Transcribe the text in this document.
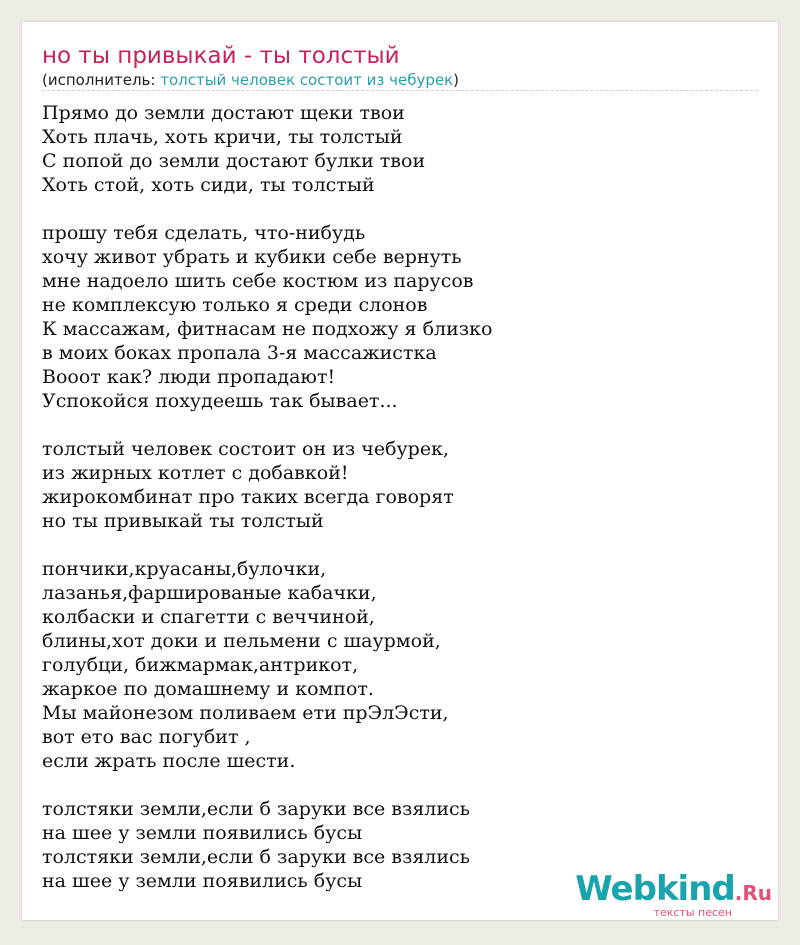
но ты привыкай - ты толстый
(исполнитель: толстый человек состоит из чебурек)
Прямо до земли достают щеки твои
Хоть плачь, хоть кричи, ты толстый
С попой до земли достают булки твои
Хоть стой, хоть сиди, ты толстый
прошу тебя сделать, что-нибудь
хочу живот убрать и кубики себе вернуть
мне надоело шить себе костюм из парусов
не комплексую только я среди слонов
К массажам, фитнасам не подхожу я близко
в моих боках пропала 3-я массажистка
Вооот как? люди пропадают!
Успокойся похудеешь так бывает...
толстый человек состоит он из чебурек,
из жирных котлет с добавкой!
жирокомбинат про таких всегда говорят
но ты привыкай ты толстый
пончики,круасаны,булочки,
лазанья,фаршированые кабачки,
колбаски и спагетти с веччиной,
блины,хот доки и пельмени с шаурмой,
голубци, бижмармак,антрикот,
жаркое по домашнему и компот.
Мы майонезом поливаем ети прЭлЭсти,
вот ето вас погубит ,
если жрать после шести.
толстяки земли,если б заруки все взялись
на шее у земли появились бусы
толстяки земли,если б заруки все взялись
на шее у земли появились бусы	Webkind.Ru
тексты песен
